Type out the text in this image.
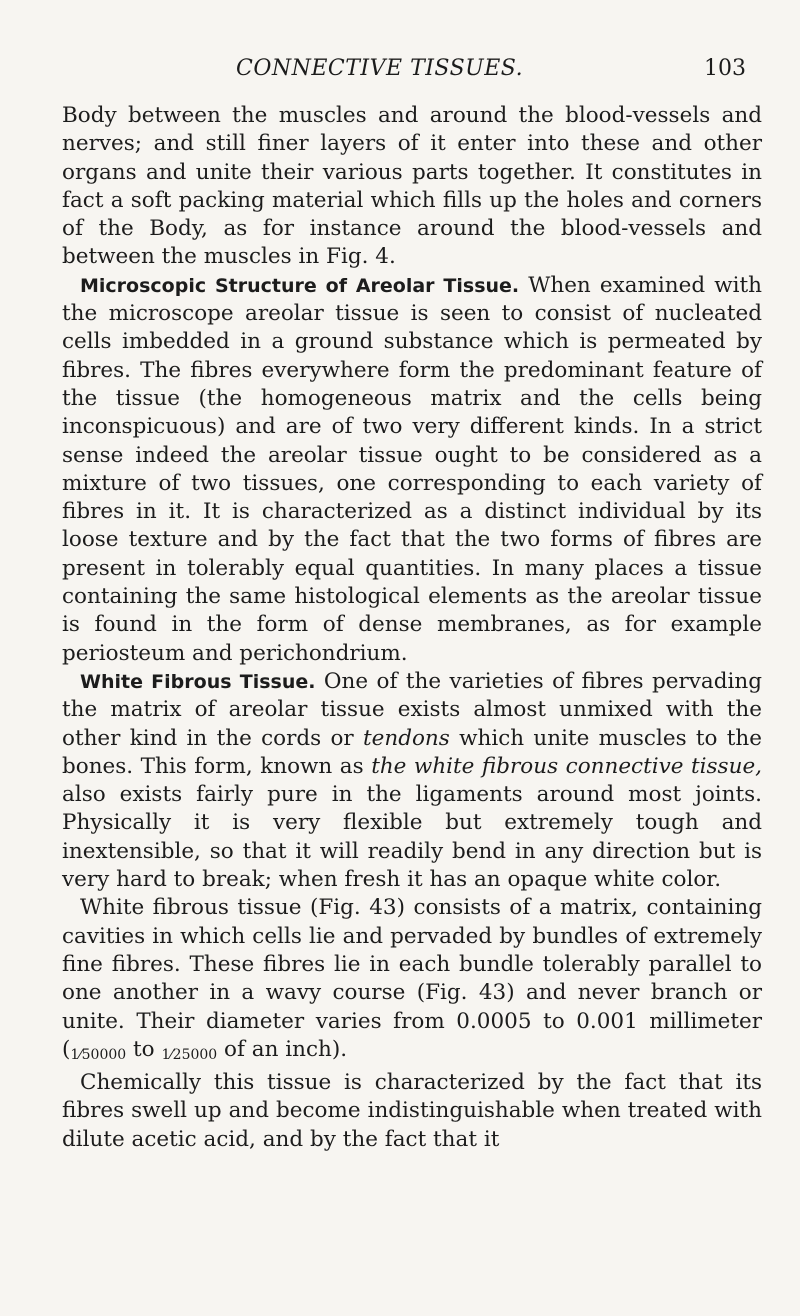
CONNECTIVE TISSUES.	103

Body between the muscles and around the blood-vessels and nerves; and still finer layers of it enter into these and other organs and unite their various parts together. It constitutes in fact a soft packing material which fills up the holes and corners of the Body, as for instance around the blood-vessels and between the muscles in Fig. 4.

Microscopic Structure of Areolar Tissue. When examined with the microscope areolar tissue is seen to consist of nucleated cells imbedded in a ground substance which is permeated by fibres. The fibres everywhere form the predominant feature of the tissue (the homogeneous matrix and the cells being inconspicuous) and are of two very different kinds. In a strict sense indeed the areolar tissue ought to be considered as a mixture of two tissues, one corresponding to each variety of fibres in it. It is characterized as a distinct individual by its loose texture and by the fact that the two forms of fibres are present in tolerably equal quantities. In many places a tissue containing the same histological elements as the areolar tissue is found in the form of dense membranes, as for example periosteum and perichondrium.

White Fibrous Tissue. One of the varieties of fibres pervading the matrix of areolar tissue exists almost unmixed with the other kind in the cords or tendons which unite muscles to the bones. This form, known as the white fibrous connective tissue, also exists fairly pure in the ligaments around most joints. Physically it is very flexible but extremely tough and inextensible, so that it will readily bend in any direction but is very hard to break; when fresh it has an opaque white color.

White fibrous tissue (Fig. 43) consists of a matrix, containing cavities in which cells lie and pervaded by bundles of extremely fine fibres. These fibres lie in each bundle tolerably parallel to one another in a wavy course (Fig. 43) and never branch or unite. Their diameter varies from 0.0005 to 0.001 millimeter (1⁄50000 to 1⁄25000 of an inch).

Chemically this tissue is characterized by the fact that its fibres swell up and become indistinguishable when treated with dilute acetic acid, and by the fact that it
